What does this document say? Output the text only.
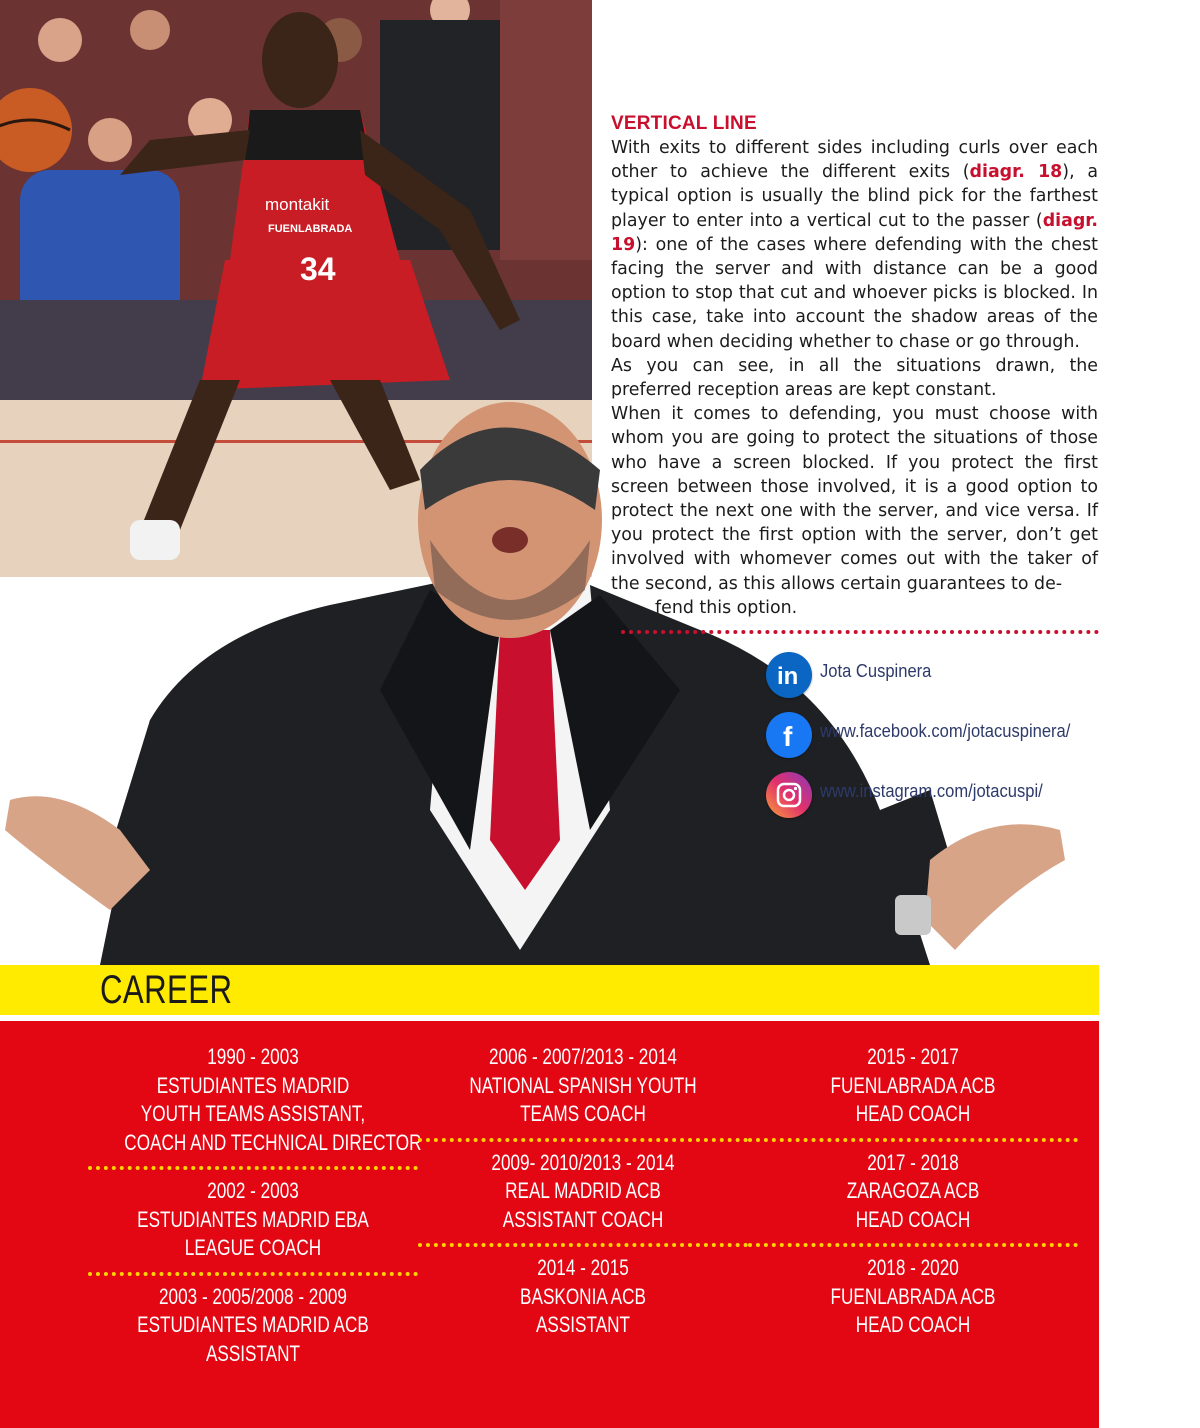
montakit
FUENLABRADA
34
VERTICAL LINE

With exits to different sides including curls over each other to achieve the different exits (diagr. 18), a typical option is usually the blind pick for the farthest player to enter into a vertical cut to the passer (diagr. 19): one of the cases where defending with the chest facing the server and with distance can be a good option to stop that cut and whoever picks is blocked. In this case, take into account the shadow areas of the board when deciding whether to chase or go through.

As you can see, in all the situations drawn, the preferred reception areas are kept constant.

When it comes to defending, you must choose with whom you are going to protect the situations of those who have a screen blocked. If you protect the first screen between those involved, it is a good option to protect the next one with the server, and vice versa. If you protect the first option with the server, don’t get involved with whomever comes out with the taker of the second, as this allows certain guarantees to de-

fend this option.

in Jota Cuspinera
f www.facebook.com/jotacuspinera/
www.instagram.com/jotacuspi/
CAREER
1990 - 2003
ESTUDIANTES MADRID
YOUTH TEAMS ASSISTANT,
COACH AND TECHNICAL DIRECTOR
2002 - 2003
ESTUDIANTES MADRID EBA
LEAGUE COACH
2003 - 2005/2008 - 2009
ESTUDIANTES MADRID ACB
ASSISTANT
2006 - 2007/2013 - 2014
NATIONAL SPANISH YOUTH
TEAMS COACH
2009- 2010/2013 - 2014
REAL MADRID ACB
ASSISTANT COACH
2014 - 2015
BASKONIA ACB
ASSISTANT
2015 - 2017
FUENLABRADA ACB
HEAD COACH
2017 - 2018
ZARAGOZA ACB
HEAD COACH
2018 - 2020
FUENLABRADA ACB
HEAD COACH
